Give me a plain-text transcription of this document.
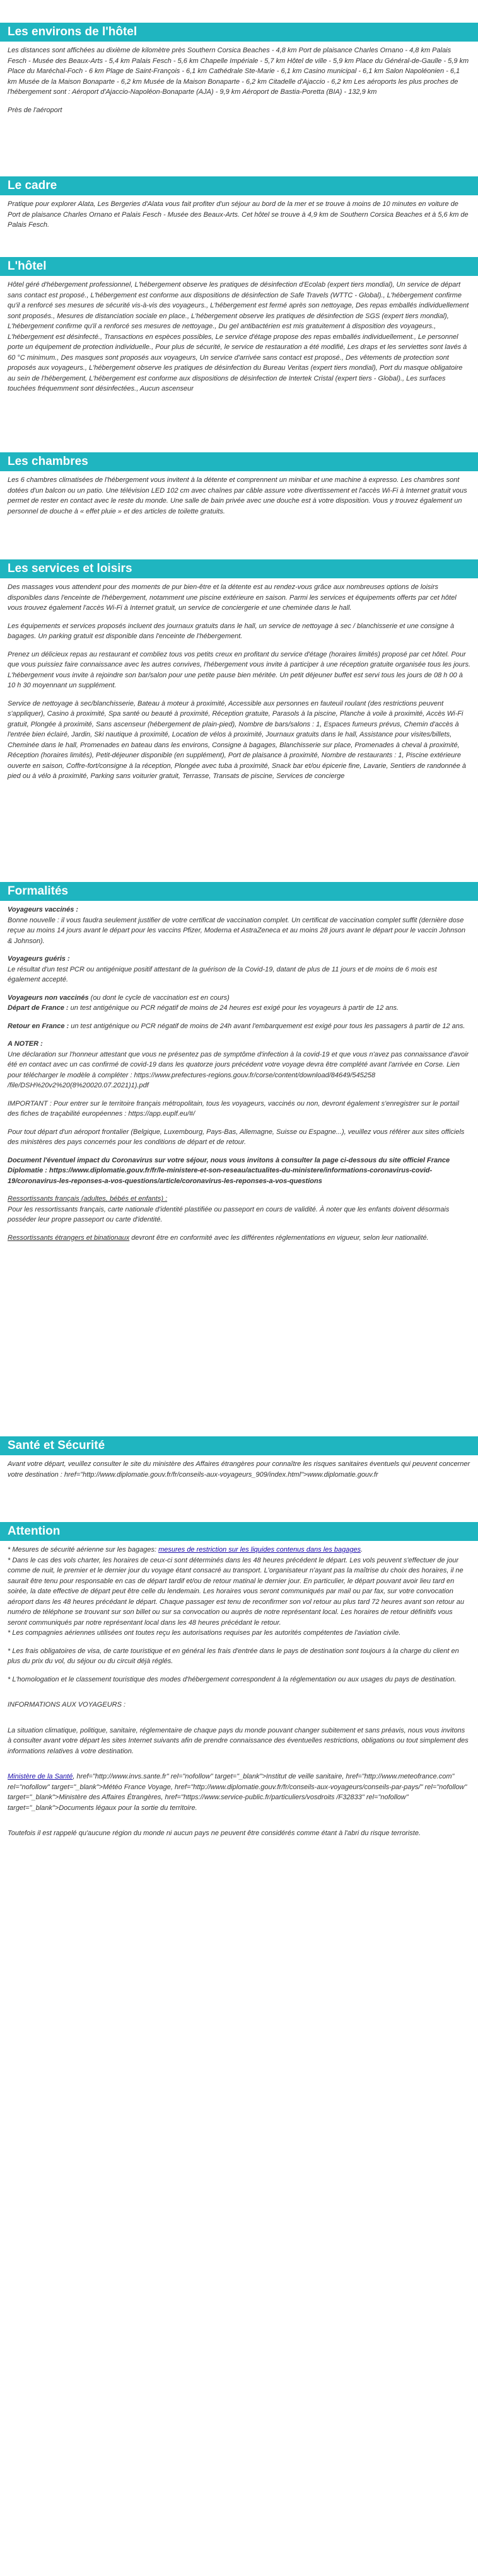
Les environs de l'hôtel

Les distances sont affichées au dixième de kilomètre près Southern Corsica Beaches - 4,8 km Port de plaisance Charles Ornano - 4,8 km Palais Fesch - Musée des Beaux-Arts - 5,4 km Palais Fesch - 5,6 km Chapelle Impériale - 5,7 km Hôtel de ville - 5,9 km Place du Général-de-Gaulle - 5,9 km Place du Maréchal-Foch - 6 km Plage de Saint-François - 6,1 km Cathédrale Ste-Marie - 6,1 km Casino municipal - 6,1 km Salon Napoléonien - 6,1 km Musée de la Maison Bonaparte - 6,2 km Musée de la Maison Bonaparte - 6,2 km Citadelle d'Ajaccio - 6,2 km Les aéroports les plus proches de l'hébergement sont : Aéroport d'Ajaccio-Napoléon-Bonaparte (AJA) - 9,9 km Aéroport de Bastia-Poretta (BIA) - 132,9 km

Près de l'aéroport

Le cadre

Pratique pour explorer Alata, Les Bergeries d'Alata vous fait profiter d'un séjour au bord de la mer et se trouve à moins de 10 minutes en voiture de Port de plaisance Charles Ornano et Palais Fesch - Musée des Beaux-Arts. Cet hôtel se trouve à 4,9 km de Southern Corsica Beaches et à 5,6 km de Palais Fesch.

L'hôtel

Hôtel géré d'hébergement professionnel, L'hébergement observe les pratiques de désinfection d'Ecolab (expert tiers mondial), Un service de départ sans contact est proposé., L'hébergement est conforme aux dispositions de désinfection de Safe Travels (WTTC - Global)., L'hébergement confirme qu'il a renforcé ses mesures de sécurité vis-à-vis des voyageurs., L'hébergement est fermé après son nettoyage, Des repas emballés individuellement sont proposés., Mesures de distanciation sociale en place., L'hébergement observe les pratiques de désinfection de SGS (expert tiers mondial), L'hébergement confirme qu'il a renforcé ses mesures de nettoyage., Du gel antibactérien est mis gratuitement à disposition des voyageurs., L'hébergement est désinfecté., Transactions en espèces possibles, Le service d'étage propose des repas emballés individuellement., Le personnel porte un équipement de protection individuelle., Pour plus de sécurité, le service de restauration a été modifié, Les draps et les serviettes sont lavés à 60 °C minimum., Des masques sont proposés aux voyageurs, Un service d'arrivée sans contact est proposé., Des vêtements de protection sont proposés aux voyageurs., L'hébergement observe les pratiques de désinfection du Bureau Veritas (expert tiers mondial), Port du masque obligatoire au sein de l'hébergement, L'hébergement est conforme aux dispositions de désinfection de Intertek Cristal (expert tiers - Global)., Les surfaces touchées fréquemment sont désinfectées., Aucun ascenseur

Les chambres

Les 6 chambres climatisées de l'hébergement vous invitent à la détente et comprennent un minibar et une machine à expresso. Les chambres sont dotées d'un balcon ou un patio. Une télévision LED 102 cm avec chaînes par câble assure votre divertissement et l'accès Wi-Fi à Internet gratuit vous permet de rester en contact avec le reste du monde. Une salle de bain privée avec une douche est à votre disposition. Vous y trouvez également un personnel de douche à « effet pluie » et des articles de toilette gratuits.

Les services et loisirs

Des massages vous attendent pour des moments de pur bien-être et la détente est au rendez-vous grâce aux nombreuses options de loisirs disponibles dans l'enceinte de l'hébergement, notamment une piscine extérieure en saison. Parmi les services et équipements offerts par cet hôtel vous trouvez également l'accès Wi-Fi à Internet gratuit, un service de conciergerie et une cheminée dans le hall.

Les équipements et services proposés incluent des journaux gratuits dans le hall, un service de nettoyage à sec / blanchisserie et une consigne à bagages. Un parking gratuit est disponible dans l'enceinte de l'hébergement.

Prenez un délicieux repas au restaurant et combliez tous vos petits creux en profitant du service d'étage (horaires limités) proposé par cet hôtel. Pour que vous puissiez faire connaissance avec les autres convives, l'hébergement vous invite à participer à une réception gratuite organisée tous les jours. L'hébergement vous invite à rejoindre son bar/salon pour une petite pause bien méritée. Un petit déjeuner buffet est servi tous les jours de 08 h 00 à 10 h 30 moyennant un supplément.

Service de nettoyage à sec/blanchisserie, Bateau à moteur à proximité, Accessible aux personnes en fauteuil roulant (des restrictions peuvent s'appliquer), Casino à proximité, Spa santé ou beauté à proximité, Réception gratuite, Parasols à la piscine, Planche à voile à proximité, Accès Wi-Fi gratuit, Plongée à proximité, Sans ascenseur (hébergement de plain-pied), Nombre de bars/salons : 1, Espaces fumeurs prévus, Chemin d'accès à l'entrée bien éclairé, Jardin, Ski nautique à proximité, Location de vélos à proximité, Journaux gratuits dans le hall, Assistance pour visites/billets, Cheminée dans le hall, Promenades en bateau dans les environs, Consigne à bagages, Blanchisserie sur place, Promenades à cheval à proximité, Réception (horaires limités), Petit-déjeuner disponible (en supplément), Port de plaisance à proximité, Nombre de restaurants : 1, Piscine extérieure ouverte en saison, Coffre-fort/consigne à la réception, Plongée avec tuba à proximité, Snack bar et/ou épicerie fine, Lavarie, Sentiers de randonnée à pied ou à vélo à proximité, Parking sans voiturier gratuit, Terrasse, Transats de piscine, Services de concierge

Formalités

Voyageurs vaccinés :

Bonne nouvelle : il vous faudra seulement justifier de votre certificat de vaccination complet. Un certificat de vaccination complet suffit (dernière dose reçue au moins 14 jours avant le départ pour les vaccins Pfizer, Moderna et AstraZeneca et au moins 28 jours avant le départ pour le vaccin Johnson & Johnson).

Voyageurs guéris :

Le résultat d'un test PCR ou antigénique positif attestant de la guérison de la Covid-19, datant de plus de 11 jours et de moins de 6 mois est également accepté.

Voyageurs non vaccinés (ou dont le cycle de vaccination est en cours)

Départ de France : un test antigénique ou PCR négatif de moins de 24 heures est exigé pour les voyageurs à partir de 12 ans.

Retour en France : un test antigénique ou PCR négatif de moins de 24h avant l'embarquement est exigé pour tous les passagers à partir de 12 ans.

A NOTER :

Une déclaration sur l'honneur attestant que vous ne présentez pas de symptôme d'infection à la covid-19 et que vous n'avez pas connaissance d'avoir été en contact avec un cas confirmé de covid-19 dans les quatorze jours précédent votre voyage devra être complété avant l'arrivée en Corse. Lien pour télécharger le modèle à compléter : https://www.prefectures-regions.gouv.fr/corse/content/download/84649/545258 /file/DSH%20v2%20(8%20020.07.2021)1).pdf

IMPORTANT : Pour entrer sur le territoire français métropolitain, tous les voyageurs, vaccinés ou non, devront également s'enregistrer sur le portail des fiches de traçabilité européennes : https://app.euplf.eu/#/

Pour tout départ d'un aéroport frontalier (Belgique, Luxembourg, Pays-Bas, Allemagne, Suisse ou Espagne...), veuillez vous référer aux sites officiels des ministères des pays concernés pour les conditions de départ et de retour.

Document l'éventuel impact du Coronavirus sur votre séjour, nous vous invitons à consulter la page ci-dessous du site officiel France Diplomatie : https://www.diplomatie.gouv.fr/fr/le-ministere-et-son-reseau/actualites-du-ministere/informations-coronavirus-covid-19/coronavirus-les-reponses-a-vos-questions/article/coronavirus-les-reponses-a-vos-questions

Ressortissants français (adultes, bébés et enfants) :

Pour les ressortissants français, carte nationale d'identité plastifiée ou passeport en cours de validité. À noter que les enfants doivent désormais posséder leur propre passeport ou carte d'identité.

Ressortissants étrangers et binationaux devront être en conformité avec les différentes réglementations en vigueur, selon leur nationalité.

Santé et Sécurité

Avant votre départ, veuillez consulter le site du ministère des Affaires étrangères pour connaître les risques sanitaires éventuels qui peuvent concerner votre destination : href="http://www.diplomatie.gouv.fr/fr/conseils-aux-voyageurs_909/index.html">www.diplomatie.gouv.fr

Attention

* Mesures de sécurité aérienne sur les bagages: mesures de restriction sur les liquides contenus dans les bagages.

* Dans le cas des vols charter, les horaires de ceux-ci sont déterminés dans les 48 heures précédent le départ. Les vols peuvent s'effectuer de jour comme de nuit, le premier et le dernier jour du voyage étant consacré au transport. L'organisateur n'ayant pas la maîtrise du choix des horaires, il ne saurait être tenu pour responsable en cas de départ tardif et/ou de retour matinal le dernier jour. En particulier, le départ pouvant avoir lieu tard en soirée, la date effective de départ peut être celle du lendemain. Les horaires vous seront communiqués par mail ou par fax, sur votre convocation aéroport dans les 48 heures précédant le départ. Chaque passager est tenu de reconfirmer son vol retour au plus tard 72 heures avant son retour au numéro de téléphone se trouvant sur son billet ou sur sa convocation ou auprès de notre représentant local. Les horaires de retour définitifs vous seront communiqués par notre représentant local dans les 48 heures précédant le retour.

* Les compagnies aériennes utilisées ont toutes reçu les autorisations requises par les autorités compétentes de l'aviation civile.

* Les frais obligatoires de visa, de carte touristique et en général les frais d'entrée dans le pays de destination sont toujours à la charge du client en plus du prix du vol, du séjour ou du circuit déjà réglés.

* L'homologation et le classement touristique des modes d'hébergement correspondent à la réglementation ou aux usages du pays de destination.

INFORMATIONS AUX VOYAGEURS :

La situation climatique, politique, sanitaire, réglementaire de chaque pays du monde pouvant changer subitement et sans préavis, nous vous invitons à consulter avant votre départ les sites Internet suivants afin de prendre connaissance des éventuelles restrictions, obligations ou tout simplement des informations relatives à votre destination.

Ministère de la Santé, href="http://www.invs.sante.fr" rel="nofollow" target="_blank">Institut de veille sanitaire, href="http://www.meteofrance.com" rel="nofollow" target="_blank">Météo France Voyage, href="http://www.diplomatie.gouv.fr/fr/conseils-aux-voyageurs/conseils-par-pays/" rel="nofollow" target="_blank">Ministère des Affaires Étrangères, href="https://www.service-public.fr/particuliers/vosdroits /F32833" rel="nofollow" target="_blank">Documents légaux pour la sortie du territoire.

Toutefois il est rappelé qu'aucune région du monde ni aucun pays ne peuvent être considérés comme étant à l'abri du risque terroriste.
